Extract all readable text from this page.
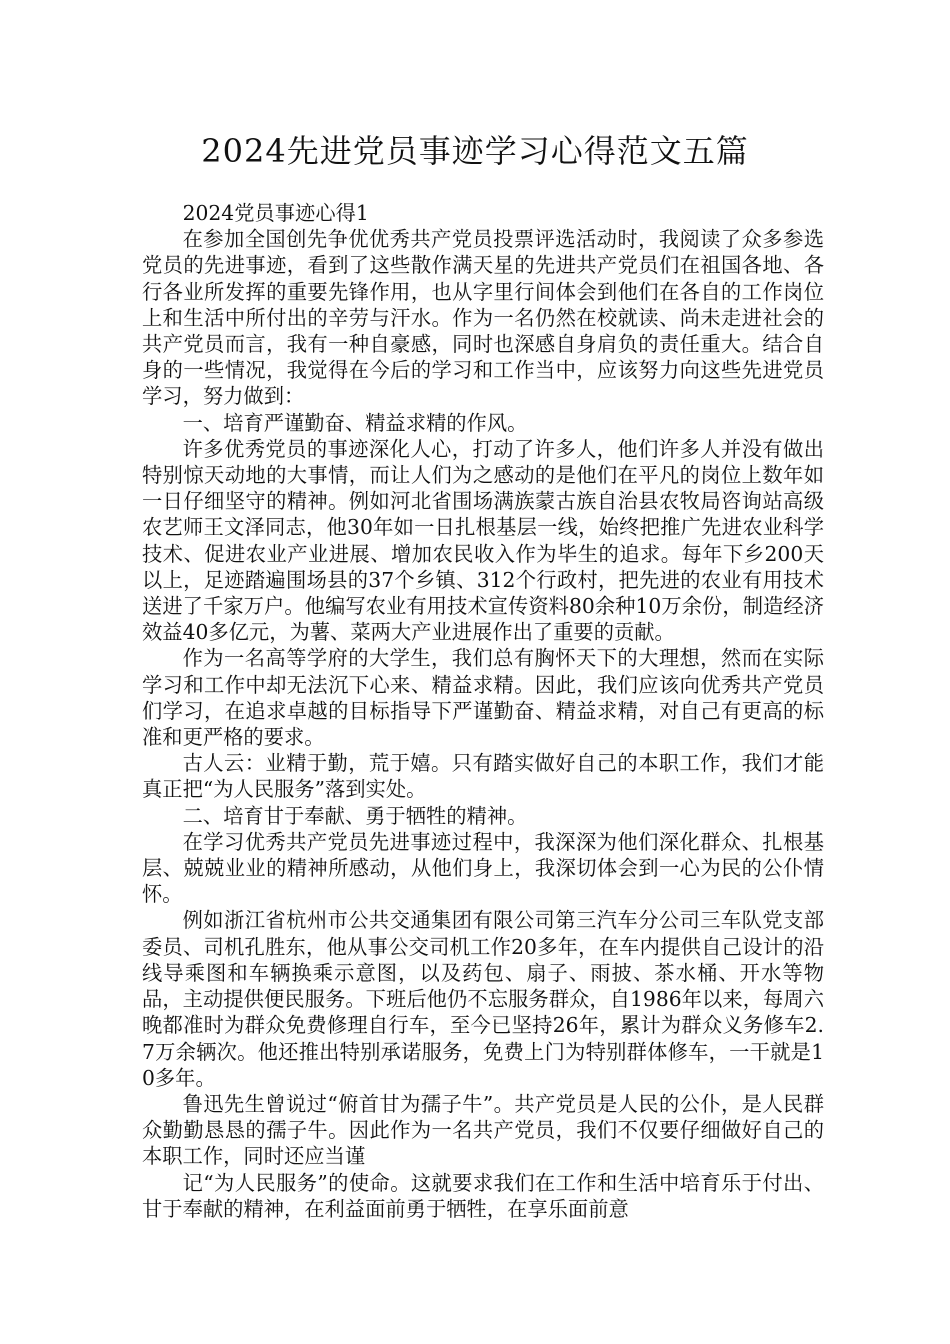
2024先进党员事迹学习心得范文五篇

2024党员事迹心得1

在参加全国创先争优优秀共产党员投票评选活动时，我阅读了众多参选党员的先进事迹，看到了这些散作满天星的先进共产党员们在祖国各地、各行各业所发挥的重要先锋作用，也从字里行间体会到他们在各自的工作岗位上和生活中所付出的辛劳与汗水。作为一名仍然在校就读、尚未走进社会的共产党员而言，我有一种自豪感，同时也深感自身肩负的责任重大。结合自身的一些情况，我觉得在今后的学习和工作当中，应该努力向这些先进党员学习，努力做到：

一、培育严谨勤奋、精益求精的作风。

许多优秀党员的事迹深化人心，打动了许多人，他们许多人并没有做出特别惊天动地的大事情，而让人们为之感动的是他们在平凡的岗位上数年如一日仔细坚守的精神。例如河北省围场满族蒙古族自治县农牧局咨询站高级农艺师王文泽同志，他30年如一日扎根基层一线，始终把推广先进农业科学技术、促进农业产业进展、增加农民收入作为毕生的追求。每年下乡200天以上，足迹踏遍围场县的37个乡镇、312个行政村，把先进的农业有用技术送进了千家万户。他编写农业有用技术宣传资料80余种10万余份，制造经济效益40多亿元，为薯、菜两大产业进展作出了重要的贡献。

作为一名高等学府的大学生，我们总有胸怀天下的大理想，然而在实际学习和工作中却无法沉下心来、精益求精。因此，我们应该向优秀共产党员们学习，在追求卓越的目标指导下严谨勤奋、精益求精，对自己有更高的标准和更严格的要求。

古人云：业精于勤，荒于嬉。只有踏实做好自己的本职工作，我们才能真正把“为人民服务”落到实处。

二、培育甘于奉献、勇于牺牲的精神。

在学习优秀共产党员先进事迹过程中，我深深为他们深化群众、扎根基层、兢兢业业的精神所感动，从他们身上，我深切体会到一心为民的公仆情怀。

例如浙江省杭州市公共交通集团有限公司第三汽车分公司三车队党支部委员、司机孔胜东，他从事公交司机工作20多年，在车内提供自己设计的沿线导乘图和车辆换乘示意图，以及药包、扇子、雨披、茶水桶、开水等物品，主动提供便民服务。下班后他仍不忘服务群众，自1986年以来，每周六晚都准时为群众免费修理自行车，至今已坚持26年，累计为群众义务修车2.7万余辆次。他还推出特别承诺服务，免费上门为特别群体修车，一干就是10多年。

鲁迅先生曾说过“俯首甘为孺子牛”。共产党员是人民的公仆，是人民群众勤勤恳恳的孺子牛。因此作为一名共产党员，我们不仅要仔细做好自己的本职工作，同时还应当谨

记“为人民服务”的使命。这就要求我们在工作和生活中培育乐于付出、甘于奉献的精神，在利益面前勇于牺牲，在享乐面前意
